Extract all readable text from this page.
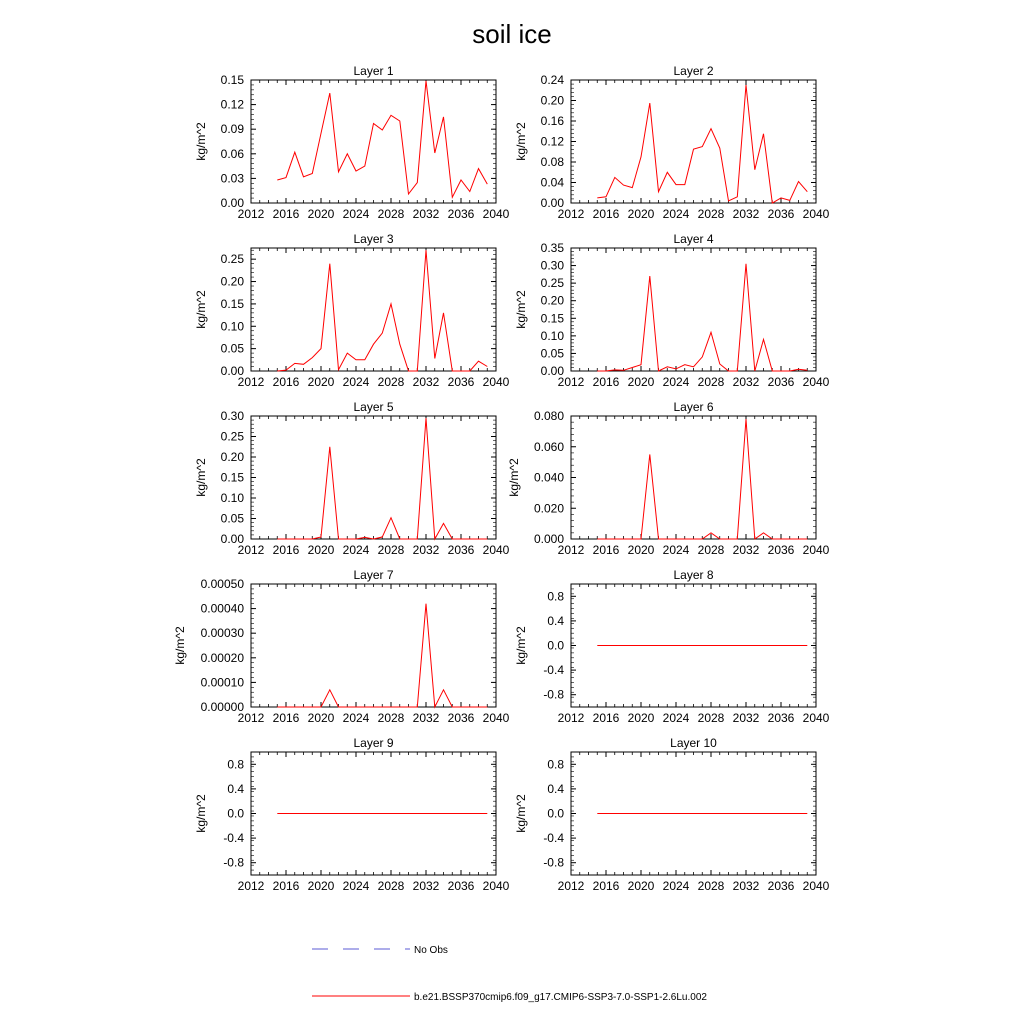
soil ice
Layer 1
2012 2016 2020 2024 2028 2032 2036 2040
0.00
0.03
0.06
0.09
0.12
0.15
kg/m^2
Layer 2
2012 2016 2020 2024 2028 2032 2036 2040
0.00
0.04
0.08
0.12
0.16
0.20
0.24
kg/m^2
Layer 3
2012 2016 2020 2024 2028 2032 2036 2040
0.00
0.05
0.10
0.15
0.20
0.25
kg/m^2
Layer 4
2012 2016 2020 2024 2028 2032 2036 2040
0.00
0.05
0.10
0.15
0.20
0.25
0.30
0.35
kg/m^2
Layer 5
2012 2016 2020 2024 2028 2032 2036 2040
0.00
0.05
0.10
0.15
0.20
0.25
0.30
kg/m^2
Layer 6
2012 2016 2020 2024 2028 2032 2036 2040
0.000
0.020
0.040
0.060
0.080
kg/m^2
Layer 7
2012 2016 2020 2024 2028 2032 2036 2040
0.00000
0.00010
0.00020
0.00030
0.00040
0.00050
kg/m^2
Layer 8
2012 2016 2020 2024 2028 2032 2036 2040
-0.8
-0.4
0.0
0.4
0.8
kg/m^2
Layer 9
2012 2016 2020 2024 2028 2032 2036 2040
-0.8
-0.4
0.0
0.4
0.8
kg/m^2
Layer 10
2012 2016 2020 2024 2028 2032 2036 2040
-0.8
-0.4
0.0
0.4
0.8
kg/m^2
No Obs
b.e21.BSSP370cmip6.f09_g17.CMIP6-SSP3-7.0-SSP1-2.6Lu.002
